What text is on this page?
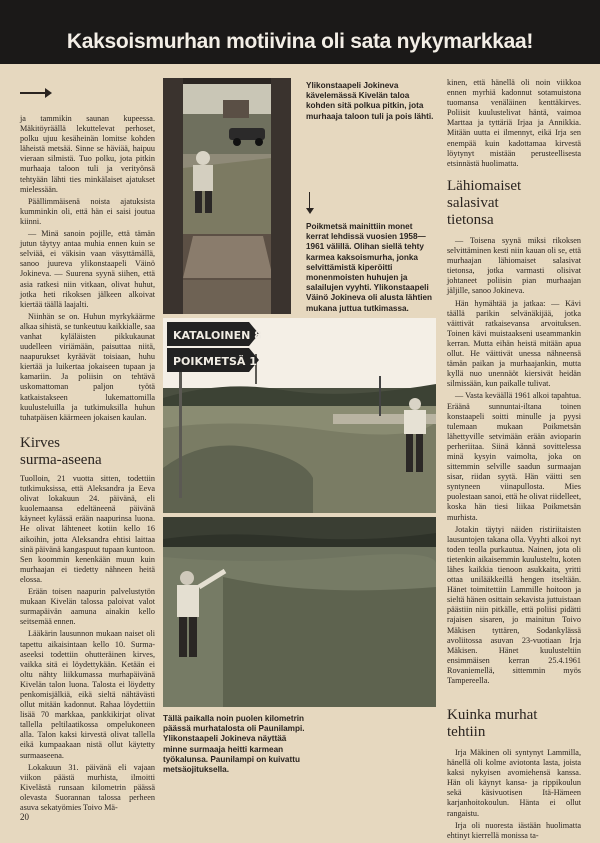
Kaksoismurhan motiivina oli sata nykymarkkaa!

ja tammikin saunan kupeessa. Mäkitöyräällä lekuttelevat perhoset, polku ujuu kesäheinän lomitse kohden läheistä metsää. Sinne se häviää, haipuu vieraan silmistä. Tuo polku, jota pitkin murhaaja taloon tuli ja verityönsä tehtyään lähti ties minkälaiset ajatukset mielessään.

Päällimmäisenä noista ajatuksista kumminkin oli, että hän ei saisi joutua kiinni.

— Minä sanoin pojille, että tämän jutun täytyy antaa muhia ennen kuin se selviää, ei väkisin vaan väsyttämällä, sanoo juureva ylikonstaapeli Väinö Jokineva. — Suurena syynä siihen, että asia ratkesi niin vitkaan, olivat huhut, jotka heti rikoksen jälkeen alkoivat kiertää täällä laajalti.

Niinhän se on. Huhun myrkykäärme alkaa sihistä, se tunkeutuu kaikkialle, saa vanhat kyläläisten pikkukaunat uudelleen viriämään, paisuttaa niitä, naapurukset kyräävät toisiaan, huhu kiertää ja luikertaa jokaiseen tupaan ja kamariin. Ja poliisin on tehtävä uskomattoman paljon työtä katkaistakseen lukemattomilla kuulusteluilla ja tutkimuksilla huhun tuhatpäisen käärmeen jokaisen kaulan.

Kirves
surma-aseena

Tuolloin, 21 vuotta sitten, todettiin tutkimuksissa, että Aleksandra ja Eeva olivat lokakuun 24. päivänä, eli kuolemaansa edeltäneenä päivänä käyneet kylässä erään naapurinsa luona. He olivat lähteneet kotiin kello 16 aikoihin, jotta Aleksandra ehtisi laittaa sinä päivänä kangaspuut tupaan kuntoon. Sen koommin kenenkään muun kuin murhaajan ei tiedetty nähneen heitä elossa.

Erään toisen naapurin palvelustytön mukaan Kivelän talossa paloivat valot surmapäivän aamuna ainakin kello seitsemää ennen.

Lääkärin lausunnon mukaan naiset oli tapettu aikaisintaan kello 10. Surma-aseeksi todettiin ohutteräinen kirves, vaikka sitä ei löydettykään. Ketään ei oltu nähty liikkumassa murhapäivänä Kivelän talon luona. Talosta ei löydetty penkomisjälkiä, eikä sieltä nähtävästi ollut mitään kadonnut. Rahaa löydettiin lisää 70 markkaa, pankkikirjat olivat tallella peltilaatikossa ompelukoneen alla. Talon kaksi kirvestä olivat tallella eikä kumpaakaan nistä ollut käytetty surmaaseena.

Lokakuun 31. päivänä eli vajaan viikon päästä murhista, ilmoitti Kivelästä runsaan kilometrin päässä olevasta Suorannan talossa perheen asuva sekatyömies Toivo Mä-

Ylikonstaapeli Jokineva kävelemässä Kivelän taloa kohden sitä polkua pitkin, jota murhaaja taloon tuli ja pois lähti.
Poikmetsä mainittiin monet kerrat lehdissä vuosien 1958—1961 välillä. Olihan siellä tehty karmea kaksoismurha, jonka selvittämistä kiperöitti monenmoisten huhujen ja salailujen vyyhti. Ylikonstaapeli Väinö Jokineva oli alusta lähtien mukana juttua tutkimassa.
KATALOINEN 8
POIKMETSÄ 1
Tällä paikalla noin puolen kilometrin päässä murhatalosta oli Paunilampi. Ylikonstaapeli Jokineva näyttää minne surmaaja heitti karmean työkalunsa. Paunilampi on kuivattu metsäojituksella.

kinen, että hänellä oli noin viikkoa ennen myrhiä kadonnut sotamuistona tuomansa venäläinen kenttäkirves. Poliisit kuulustelivat häntä, vaimoa Marttaa ja tyttäriä Irjaa ja Annikkia. Mitään uutta ei ilmennyt, eikä Irja sen enempää kuin kadottamaa kirvestä löytynyt mistään perusteellisesta etsinnästä huolimatta.

Lähiomaiset
salasivat
tietonsa

— Toisena syynä miksi rikoksen selvittäminen kesti niin kauan oli se, että murhaajan lähiomaiset salasivat tietonsa, jotka varmasti olisivat johtaneet poliisin pian murhaajan jäljille, sanoo Jokineva.

Hän hymähtää ja jatkaa: — Kävi täällä parikin selvänäkijää, jotka väittivät ratkaisevansa arvoituksen. Toinen kävi muistaakseni useammankin kerran. Mutta eihän heistä mitään apua ollut. He väittivät unessa nähneensä tämän paikan ja murhaajankin, mutta kyllä nuo unennäöt kiersivät heidän silmissään, kun paikalle tulivat.

— Vasta keväällä 1961 alkoi tapahtua. Eräänä sunnuntai-iltana toinen konstaapeli soitti minulle ja pyysi tulemaan mukaan Poikmetsän lähettyville setvimään erään avioparin perheriitaa. Siinä kännä sovittelessa minä kysyin vaimolta, joka on sittemmin selville saadun surmaajan sisar, riidan syytä. Hän väitti sen syntyneen viinapullosta. Mies puolestaan sanoi, että he olivat riidelleet, koska hän tiesi liikaa Poikmetsän murhista.

Jotakin täytyi näiden ristiriitaisten lausuntojen takana olla. Vyyhti alkoi nyt toden teolla purkautua. Nainen, jota oli tietenkin aikaisemmin kuulusteltu, koten lähes kaikkia tienoon asukkaita, yritti ottaa unilääkkeillä hengen itseltään. Hänet toimitettiin Lammille hoitoon ja sieltä hänen osittain sekavista juttuistaan päästiin niin pitkälle, että poliisi pidätti rajaisen sisaren, jo mainitun Toivo Mäkisen tyttären, Sodankylässä avoliitossa asuvan 23-vuotiaan Irja Mäkisen. Hänet kuulusteltiin ensimmäisen kerran 25.4.1961 Rovaniemellä, sittemmin myös Tampereella.

Kuinka murhat
tehtiin

Irja Mäkinen oli syntynyt Lammilla, hänellä oli kolme aviotonta lasta, joista kaksi nykyisen avomiehensä kanssa. Hän oli käynyt kansa- ja rippikoulun sekä käsivuotisen Itä-Hämeen karjanhoitokoulun. Hänta ei ollut rangaistu.

Irja oli nuoresta iästään huolimatta ehtinyt kierrellä monissa ta-

20
